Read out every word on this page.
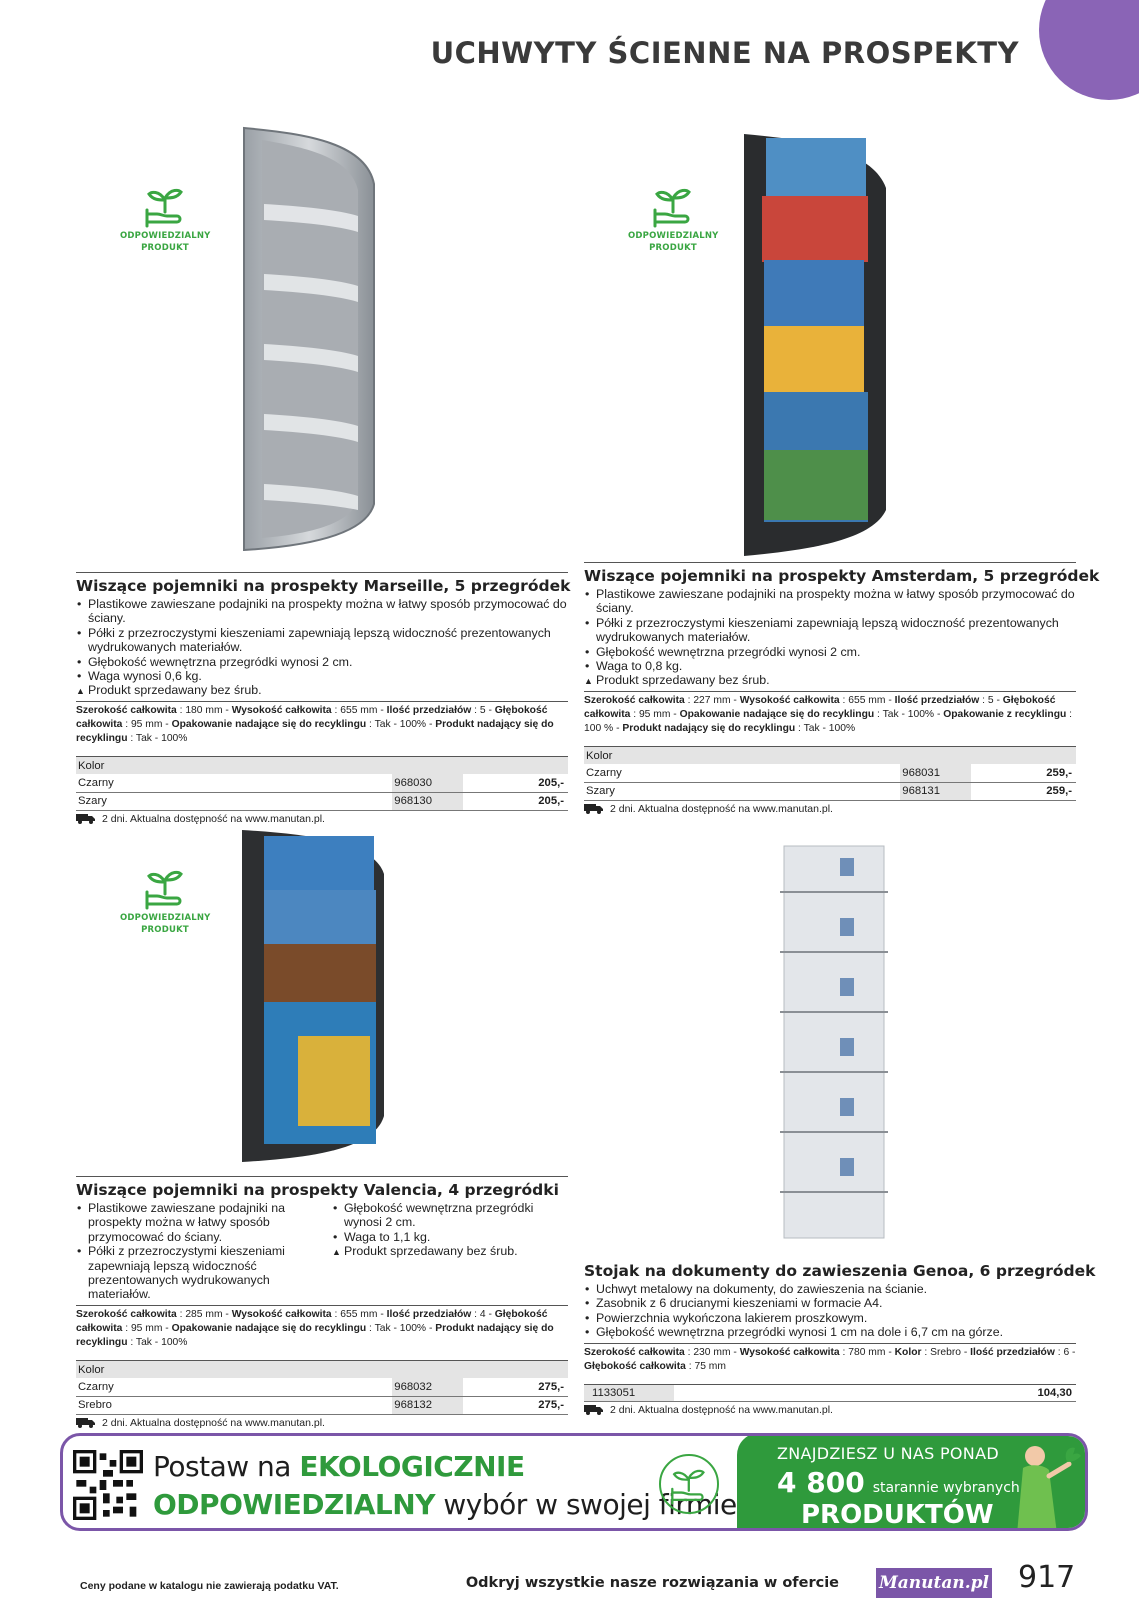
UCHWYTY ŚCIENNE NA PROSPEKTY
ODPOWIEDZIALNY
PRODUKT
ODPOWIEDZIALNY
PRODUKT
ODPOWIEDZIALNY
PRODUKT
Wiszące pojemniki na prospekty Marseille, 5 przegródek
• Plastikowe zawieszane podajniki na prospekty można w łatwy sposób przymocować do ściany.
• Półki z przezroczystymi kieszeniami zapewniają lepszą widoczność prezentowanych wydrukowanych materiałów.
• Głębokość wewnętrzna przegródki wynosi 2 cm.
• Waga wynosi 0,6 kg.
▲ Produkt sprzedawany bez śrub.
Szerokość całkowita : 180 mm - Wysokość całkowita : 655 mm - Ilość przedziałów : 5 - Głębokość całkowita : 95 mm - Opakowanie nadające się do recyklingu : Tak - 100% - Produkt nadający się do recyklingu : Tak - 100%
Kolor		
Czarny	968030	205,-
Szary	968130	205,-
2 dni. Aktualna dostępność na www.manutan.pl.
Wiszące pojemniki na prospekty Amsterdam, 5 przegródek
• Plastikowe zawieszane podajniki na prospekty można w łatwy sposób przymocować do ściany.
• Półki z przezroczystymi kieszeniami zapewniają lepszą widoczność prezentowanych wydrukowanych materiałów.
• Głębokość wewnętrzna przegródki wynosi 2 cm.
• Waga to 0,8 kg.
▲ Produkt sprzedawany bez śrub.
Szerokość całkowita : 227 mm - Wysokość całkowita : 655 mm - Ilość przedziałów : 5 - Głębokość całkowita : 95 mm - Opakowanie nadające się do recyklingu : Tak - 100% - Opakowanie z recyklingu : 100 % - Produkt nadający się do recyklingu : Tak - 100%
Kolor		
Czarny	968031	259,-
Szary	968131	259,-
2 dni. Aktualna dostępność na www.manutan.pl.
Wiszące pojemniki na prospekty Valencia, 4 przegródki
• Plastikowe zawieszane podajniki na prospekty można w łatwy sposób przymocować do ściany.
• Półki z przezroczystymi kieszeniami zapewniają lepszą widoczność prezentowanych wydrukowanych materiałów.
• Głębokość wewnętrzna przegródki wynosi 2 cm.
• Waga to 1,1 kg.
▲ Produkt sprzedawany bez śrub.
Szerokość całkowita : 285 mm - Wysokość całkowita : 655 mm - Ilość przedziałów : 4 - Głębokość całkowita : 95 mm - Opakowanie nadające się do recyklingu : Tak - 100% - Produkt nadający się do recyklingu : Tak - 100%
Kolor		
Czarny	968032	275,-
Srebro	968132	275,-
2 dni. Aktualna dostępność na www.manutan.pl.
Stojak na dokumenty do zawieszenia Genoa, 6 przegródek
• Uchwyt metalowy na dokumenty, do zawieszenia na ścianie.
• Zasobnik z 6 drucianymi kieszeniami w formacie A4.
• Powierzchnia wykończona lakierem proszkowym.
• Głębokość wewnętrzna przegródki wynosi 1 cm na dole i 6,7 cm na górze.
Szerokość całkowita : 230 mm - Wysokość całkowita : 780 mm - Kolor : Srebro - Ilość przedziałów : 6 - Głębokość całkowita : 75 mm
1133051	104,30
2 dni. Aktualna dostępność na www.manutan.pl.
Postaw na EKOLOGICZNIE
ODPOWIEDZIALNY wybór w swojej firmie
ZNAJDZIESZ U NAS PONAD
4 800 starannie wybranych
PRODUKTÓW
Ceny podane w katalogu nie zawierają podatku VAT.	Odkryj wszystkie nasze rozwiązania w ofercie Manutan.pl 917
